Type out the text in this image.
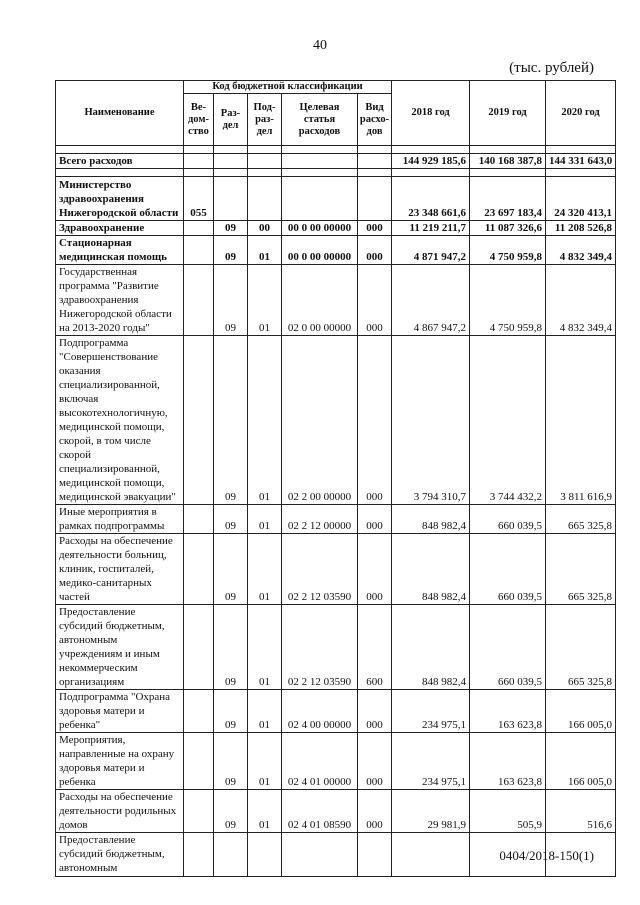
40
(тыс. рублей)
Наименование	Код бюджетной классификации					2018 год	2019 год	2020 год
	Ве-дом-ство	Раз-дел	Под-раз-дел	Целевая статья расходов	Вид расхо-дов			

Всего расходов						144 929 185,6	140 168 387,8	144 331 643,0

Министерство здравоохранения Нижегородской области	055					23 348 661,6	23 697 183,4	24 320 413,1
Здравоохранение		09	00	00 0 00 00000	000	11 219 211,7	11 087 326,6	11 208 526,8
Стационарная медицинская помощь		09	01	00 0 00 00000	000	4 871 947,2	4 750 959,8	4 832 349,4
Государственная программа "Развитие здравоохранения Нижегородской области на 2013-2020 годы"		09	01	02 0 00 00000	000	4 867 947,2	4 750 959,8	4 832 349,4
Подпрограмма "Совершенствование оказания специализированной, включая высокотехнологичную, медицинской помощи, скорой, в том числе скорой специализированной, медицинской помощи, медицинской эвакуации"		09	01	02 2 00 00000	000	3 794 310,7	3 744 432,2	3 811 616,9
Иные мероприятия в рамках подпрограммы		09	01	02 2 12 00000	000	848 982,4	660 039,5	665 325,8
Расходы на обеспечение деятельности больниц, клиник, госпиталей, медико-санитарных частей		09	01	02 2 12 03590	000	848 982,4	660 039,5	665 325,8
Предоставление субсидий бюджетным, автономным учреждениям и иным некоммерческим организациям		09	01	02 2 12 03590	600	848 982,4	660 039,5	665 325,8
Подпрограмма "Охрана здоровья матери и ребенка"		09	01	02 4 00 00000	000	234 975,1	163 623,8	166 005,0
Мероприятия, направленные на охрану здоровья матери и ребенка		09	01	02 4 01 00000	000	234 975,1	163 623,8	166 005,0
Расходы на обеспечение деятельности родильных домов		09	01	02 4 01 08590	000	29 981,9	505,9	516,6
Предоставление субсидий бюджетным, автономным								
0404/2018-150(1)
